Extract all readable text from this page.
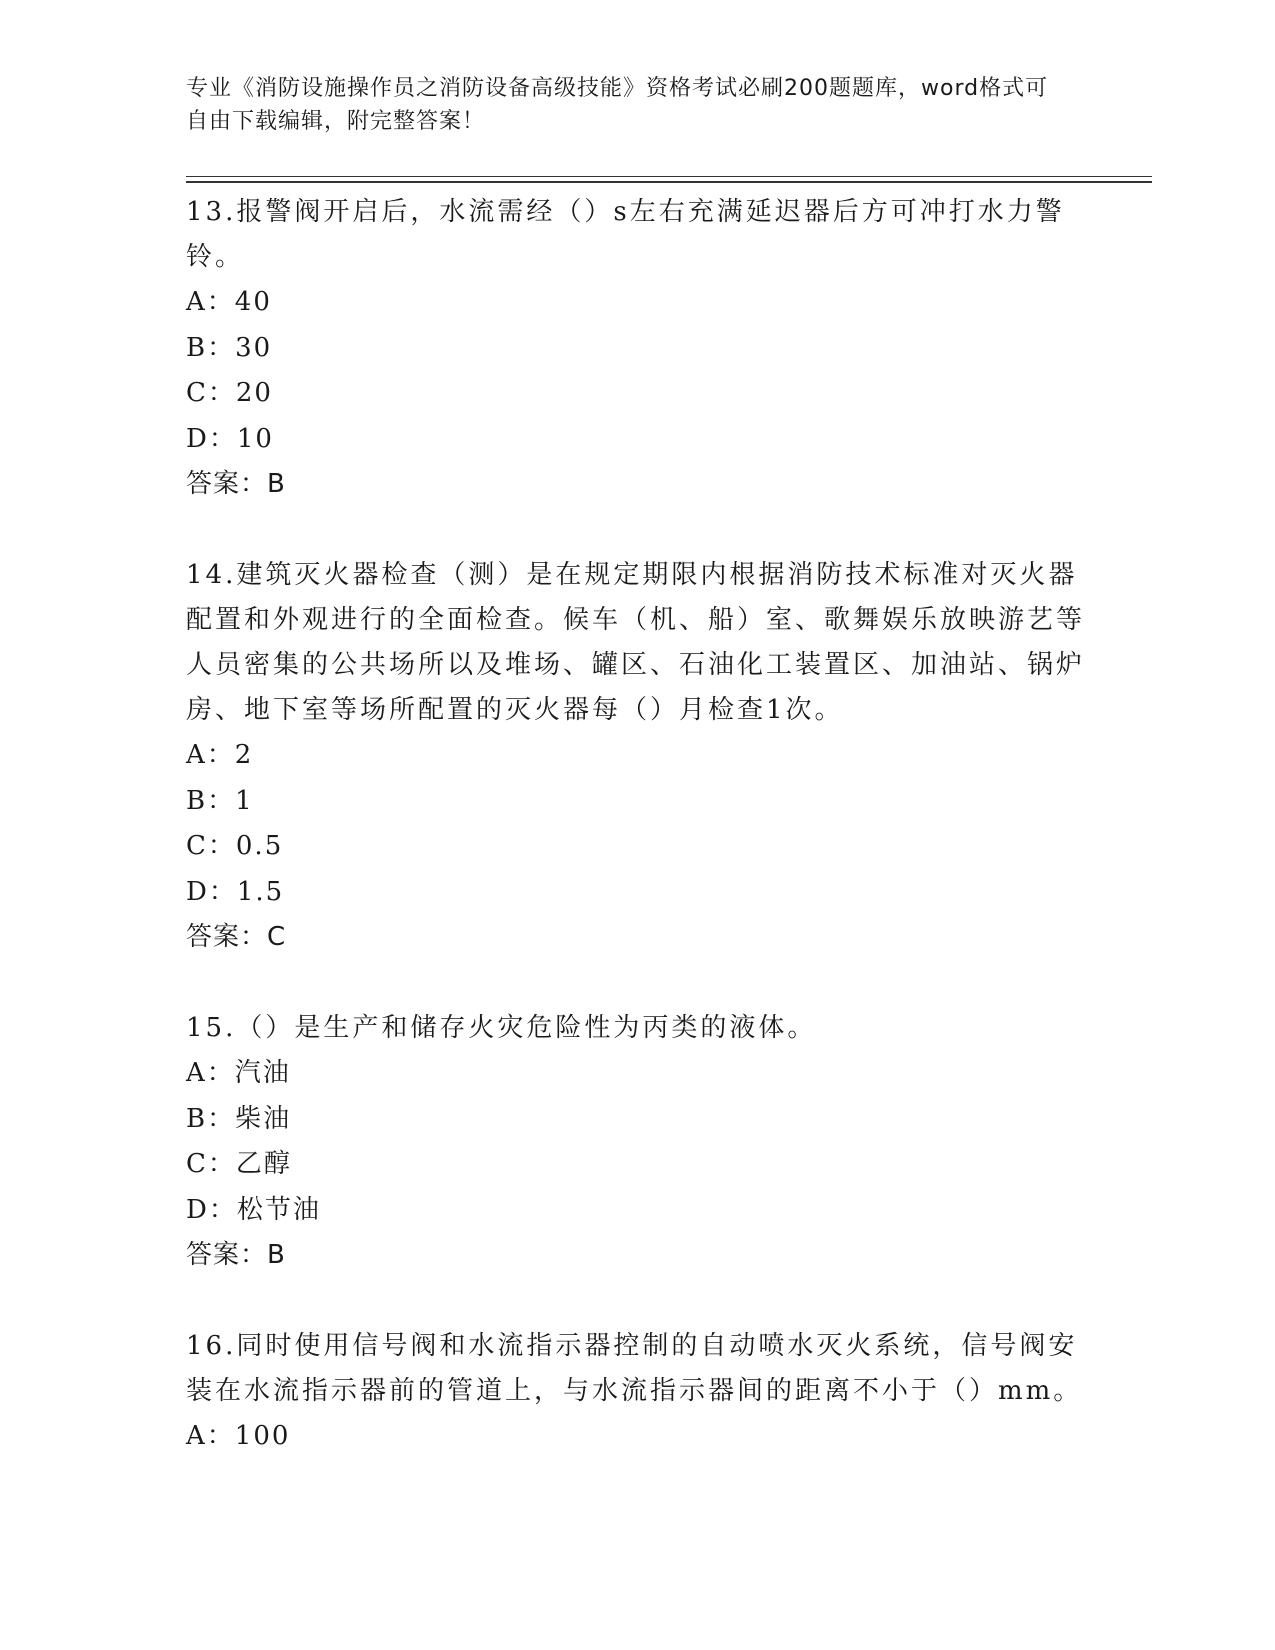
专业《消防设施操作员之消防设备高级技能》资格考试必刷200题题库，word格式可自由下载编辑，附完整答案！

13.报警阀开启后，水流需经（）s左右充满延迟器后方可冲打水力警铃。

A：40
B：30
C：20
D：10
答案：B

14.建筑灭火器检查（测）是在规定期限内根据消防技术标准对灭火器配置和外观进行的全面检查。候车（机、船）室、歌舞娱乐放映游艺等人员密集的公共场所以及堆场、罐区、石油化工装置区、加油站、锅炉房、地下室等场所配置的灭火器每（）月检查1次。

A：2
B：1
C：0.5
D：1.5
答案：C

15.（）是生产和储存火灾危险性为丙类的液体。

A：汽油
B：柴油
C：乙醇
D：松节油
答案：B

16.同时使用信号阀和水流指示器控制的自动喷水灭火系统，信号阀安装在水流指示器前的管道上，与水流指示器间的距离不小于（）mm。

A：100
